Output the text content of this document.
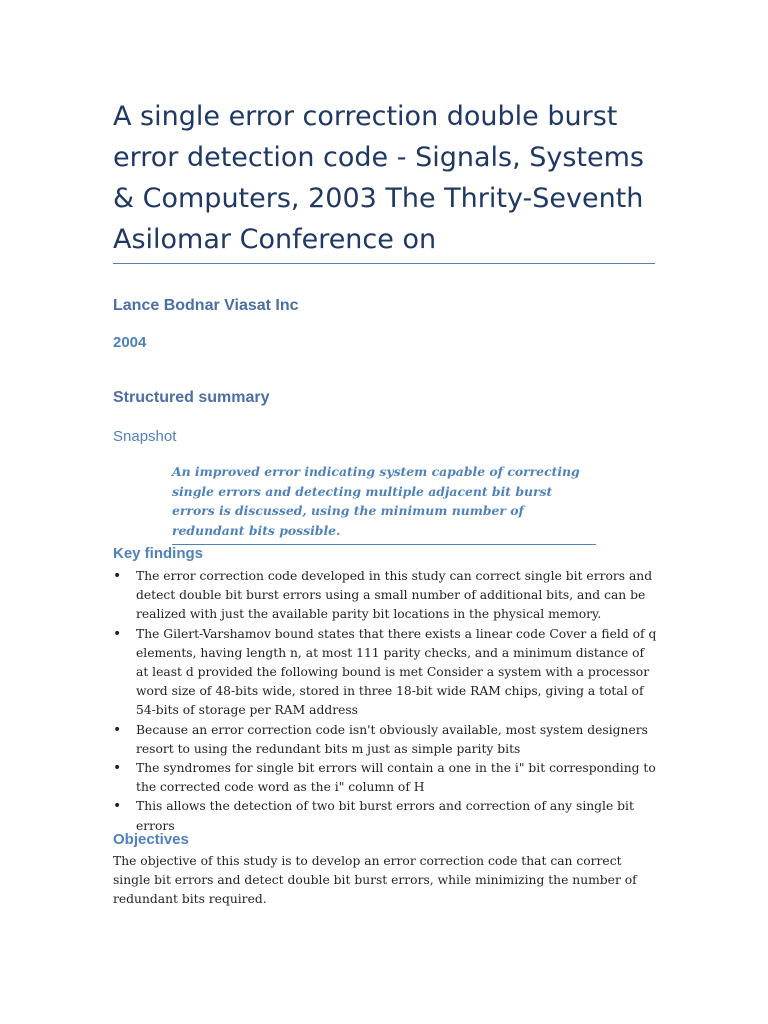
A single error correction double burst error detection code - Signals, Systems & Computers, 2003 The Thrity-Seventh Asilomar Conference on
Lance Bodnar Viasat Inc
2004
Structured summary
Snapshot
An improved error indicating system capable of correcting single errors and detecting multiple adjacent bit burst errors is discussed, using the minimum number of redundant bits possible.
Key findings
• The error correction code developed in this study can correct single bit errors and detect double bit burst errors using a small number of additional bits, and can be realized with just the available parity bit locations in the physical memory.
• The Gilert-Varshamov bound states that there exists a linear code Cover a field of q elements, having length n, at most 111 parity checks, and a minimum distance of at least d provided the following bound is met Consider a system with a processor word size of 48-bits wide, stored in three 18-bit wide RAM chips, giving a total of 54-bits of storage per RAM address
• Because an error correction code isn't obviously available, most system designers resort to using the redundant bits m just as simple parity bits
• The syndromes for single bit errors will contain a one in the i" bit corresponding to the corrected code word as the i" column of H
• This allows the detection of two bit burst errors and correction of any single bit errors
Objectives

The objective of this study is to develop an error correction code that can correct single bit errors and detect double bit burst errors, while minimizing the number of redundant bits required.
